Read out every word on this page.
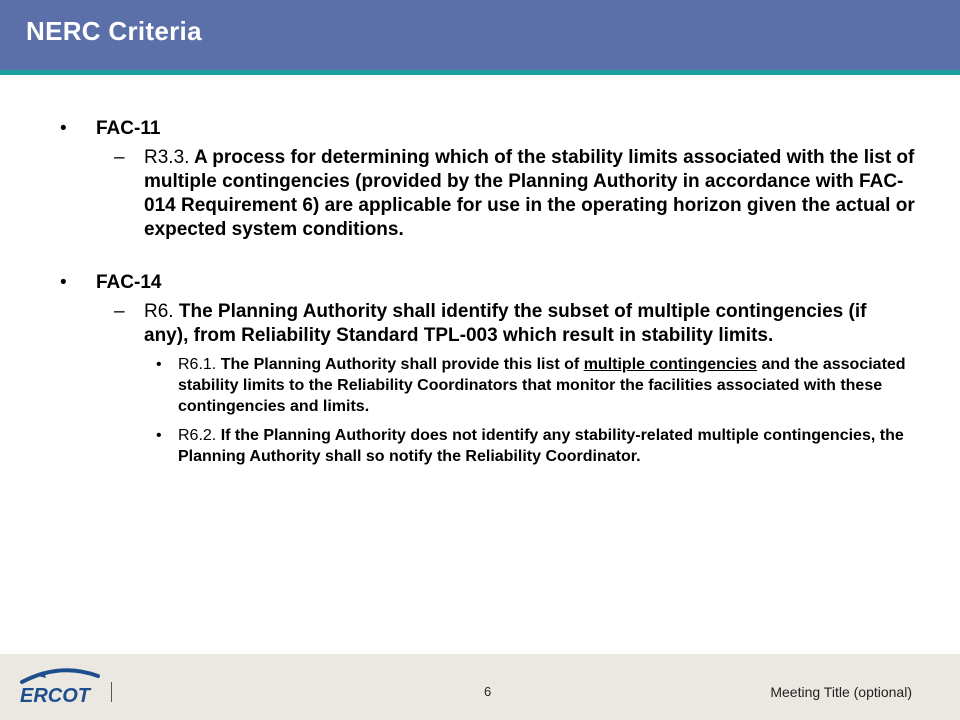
NERC Criteria
• FAC-11
– R3.3. A process for determining which of the stability limits associated with the list of multiple contingencies (provided by the Planning Authority in accordance with FAC-014 Requirement 6) are applicable for use in the operating horizon given the actual or expected system conditions.
• FAC-14
– R6. The Planning Authority shall identify the subset of multiple contingencies (if any), from Reliability Standard TPL-003 which result in stability limits.
• R6.1. The Planning Authority shall provide this list of multiple contingencies and the associated stability limits to the Reliability Coordinators that monitor the facilities associated with these contingencies and limits.
• R6.2. If the Planning Authority does not identify any stability-related multiple contingencies, the Planning Authority shall so notify the Reliability Coordinator.
ERCOT	6	Meeting Title (optional)
